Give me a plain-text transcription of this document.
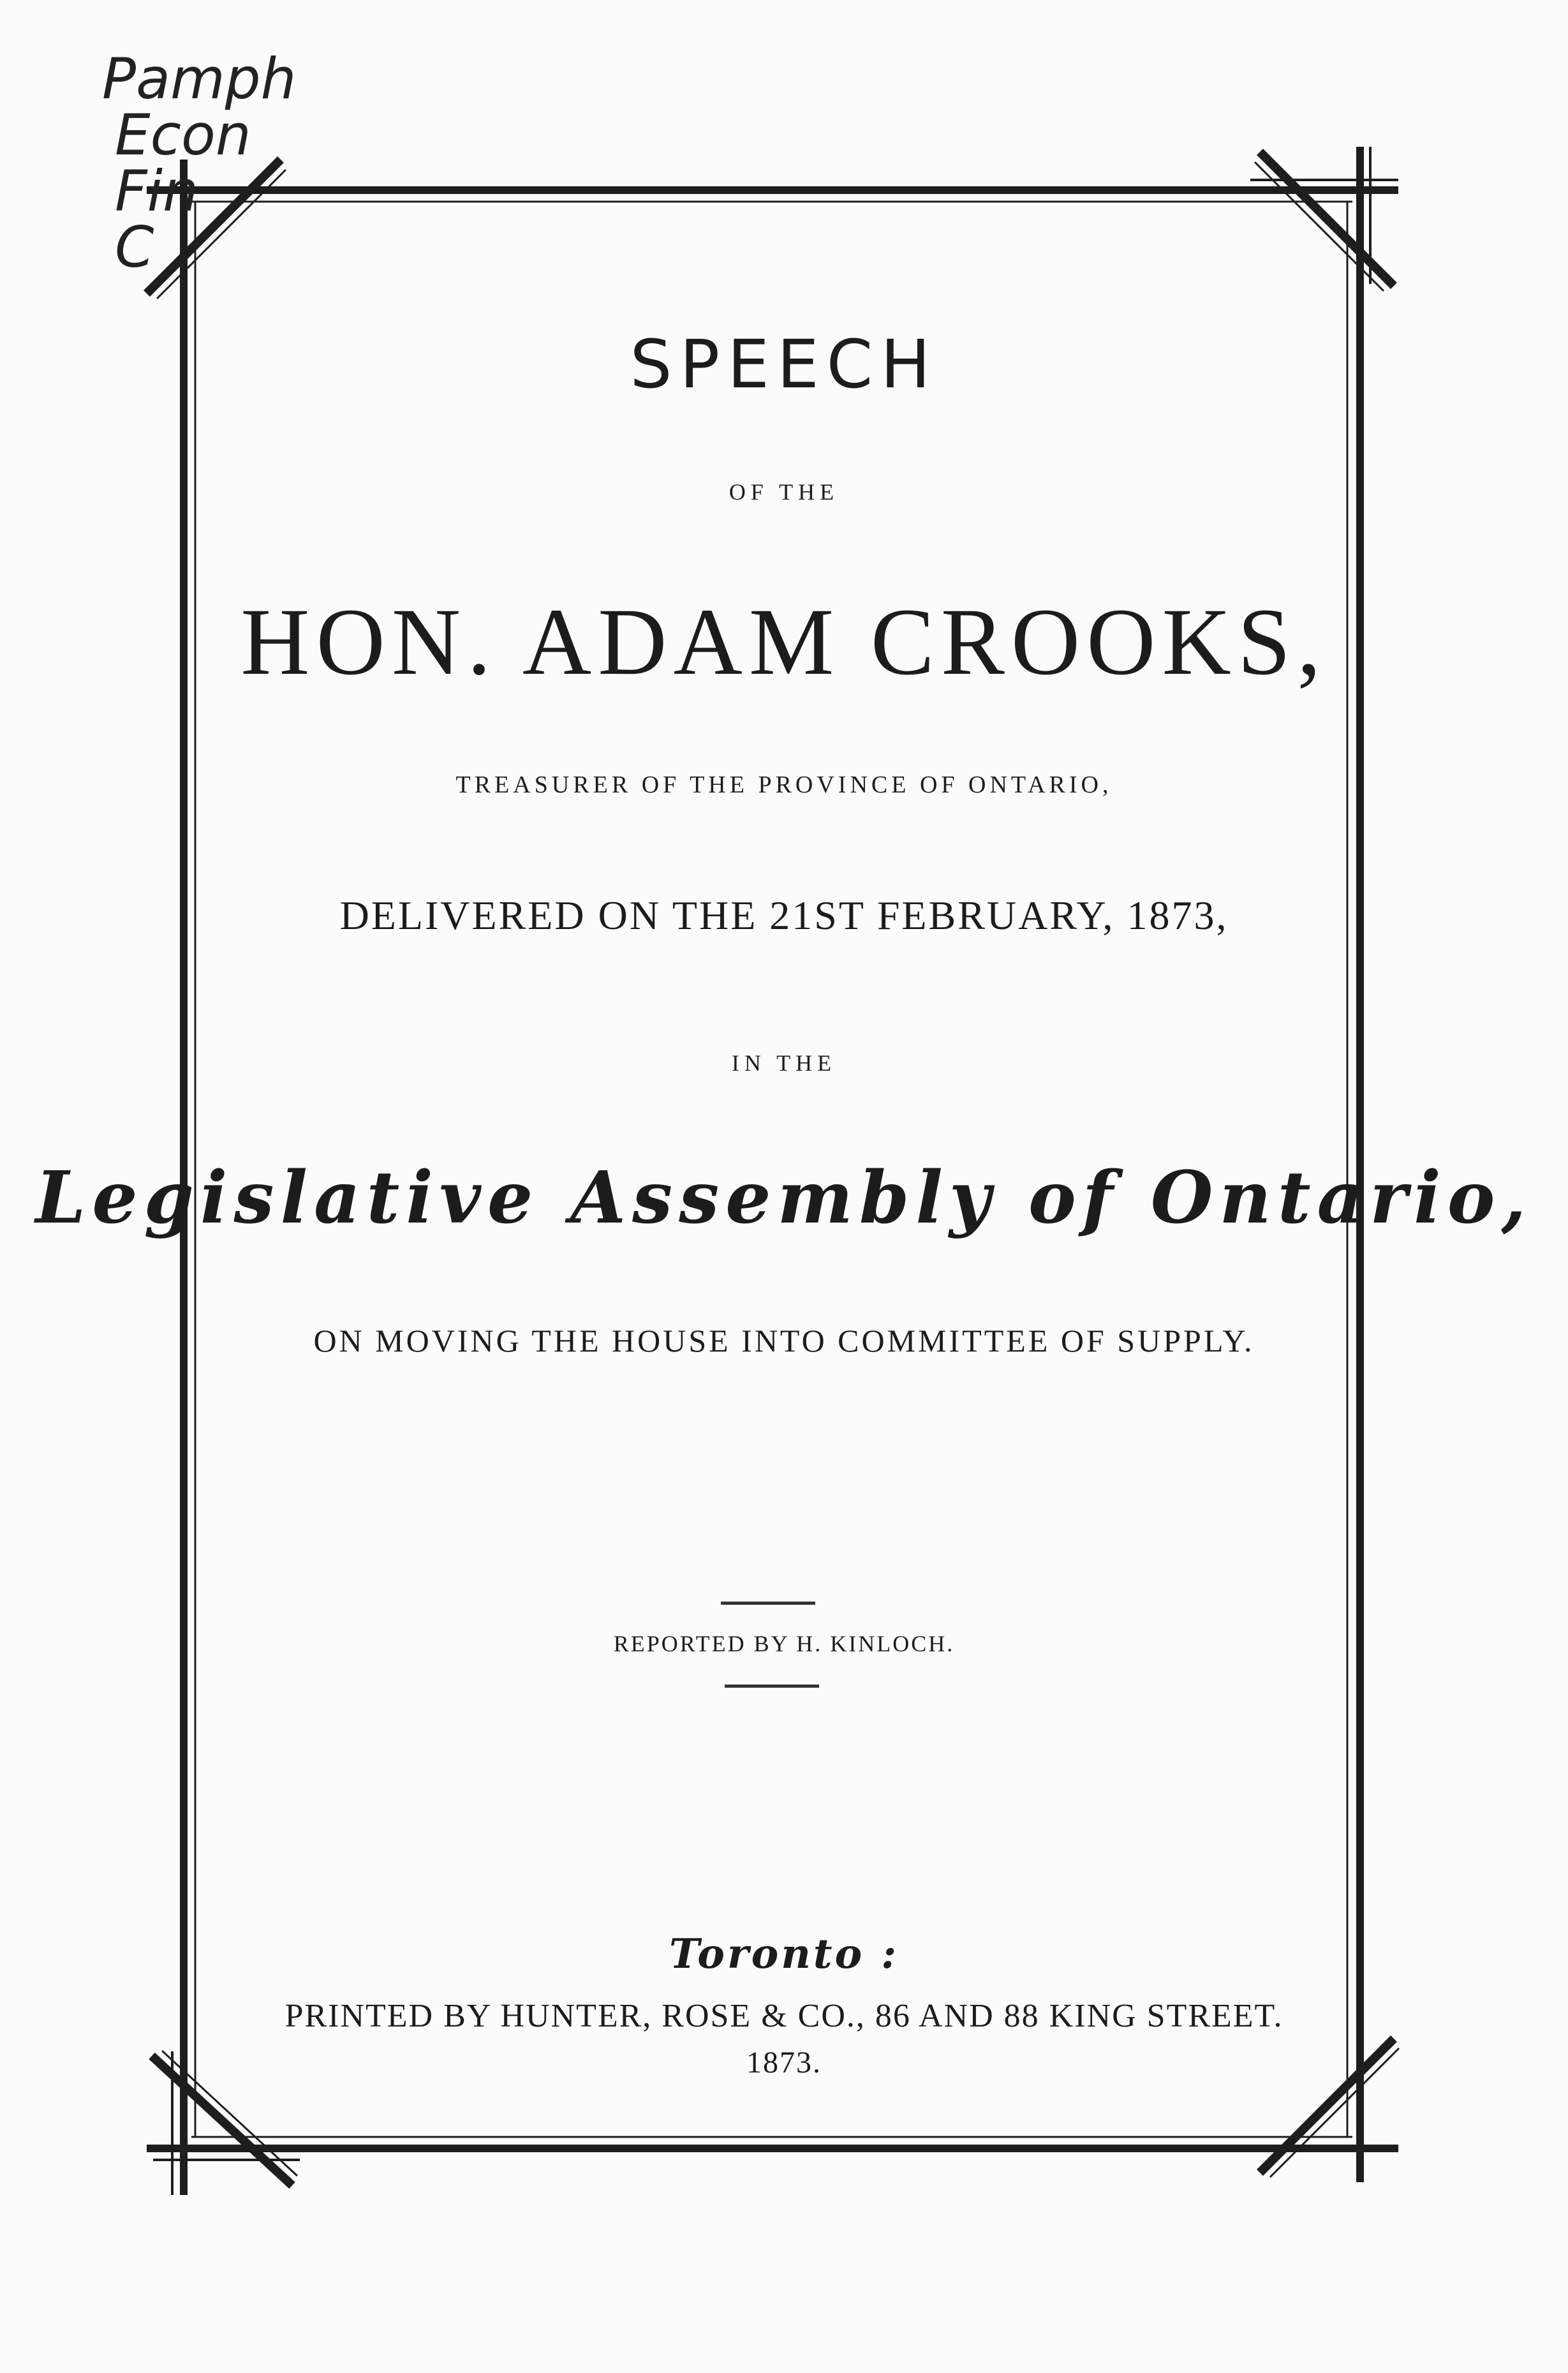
Pamph
Econ
Fin
C
SPEECH
OF THE
HON. ADAM CROOKS,
TREASURER OF THE PROVINCE OF ONTARIO,
DELIVERED ON THE 21ST FEBRUARY, 1873,
IN THE
Legislative Assembly of Ontario,
ON MOVING THE HOUSE INTO COMMITTEE OF SUPPLY.
REPORTED BY H. KINLOCH.
Toronto :
PRINTED BY HUNTER, ROSE & CO., 86 AND 88 KING STREET.
1873.
